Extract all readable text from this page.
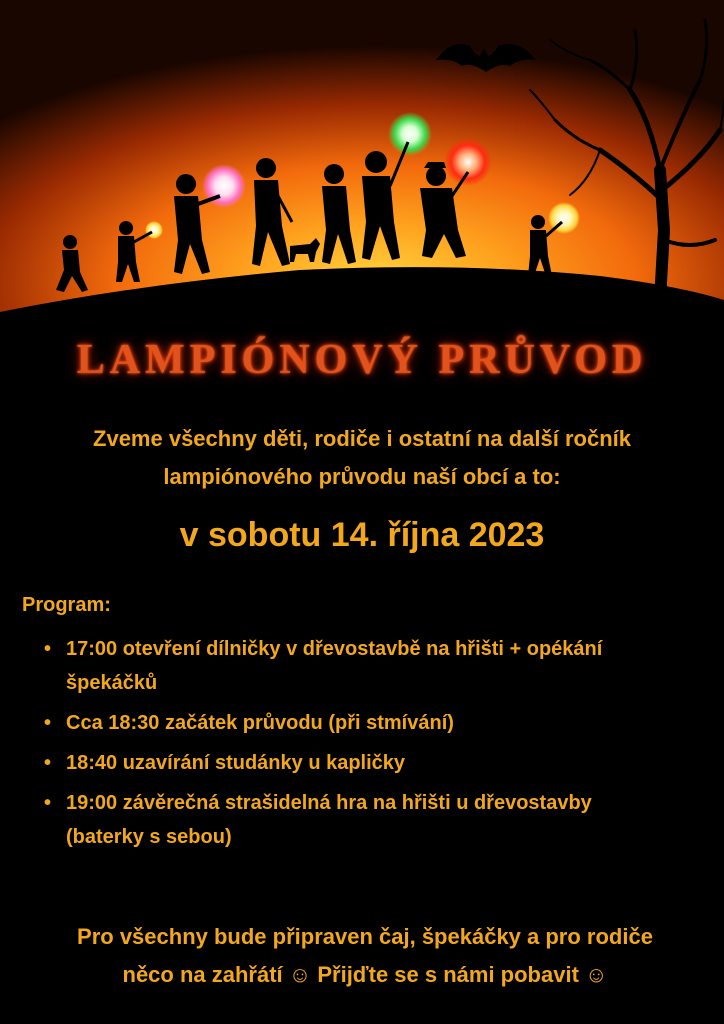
LAMPIÓNOVÝ PRŮVOD
Zveme všechny děti, rodiče i ostatní na další ročník
lampiónového průvodu naší obcí a to:
v sobotu 14. října 2023
Program:
• 17:00 otevření dílničky v dřevostavbě na hřišti + opékání
špekáčků
• Cca 18:30 začátek průvodu (při stmívání)
• 18:40 uzavírání studánky u kapličky
• 19:00 závěrečná strašidelná hra na hřišti u dřevostavby
(baterky s sebou)
Pro všechny bude připraven čaj, špekáčky a pro rodiče
něco na zahřátí ☺ Přijďte se s námi pobavit ☺
